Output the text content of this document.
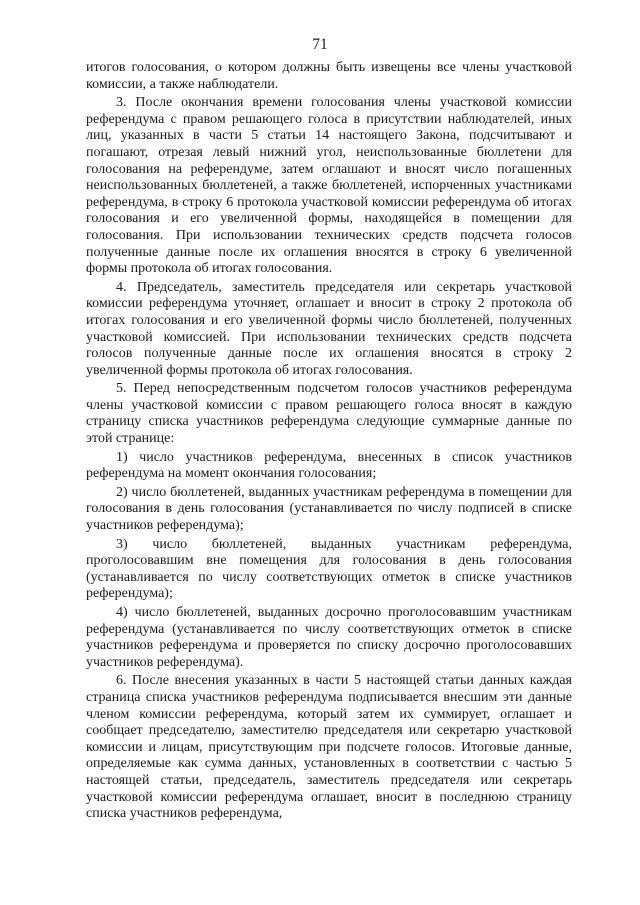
71

итогов голосования, о котором должны быть извещены все члены участковой комиссии, а также наблюдатели.

3. После окончания времени голосования члены участковой комиссии референдума с правом решающего голоса в присутствии наблюдателей, иных лиц, указанных в части 5 статьи 14 настоящего Закона, подсчитывают и погашают, отрезая левый нижний угол, неиспользованные бюллетени для голосования на референдуме, затем оглашают и вносят число погашенных неиспользованных бюллетеней, а также бюллетеней, испорченных участниками референдума, в строку 6 протокола участковой комиссии референдума об итогах голосования и его увеличенной формы, находящейся в помещении для голосования. При использовании технических средств подсчета голосов полученные данные после их оглашения вносятся в строку 6 увеличенной формы протокола об итогах голосования.

4. Председатель, заместитель председателя или секретарь участковой комиссии референдума уточняет, оглашает и вносит в строку 2 протокола об итогах голосования и его увеличенной формы число бюллетеней, полученных участковой комиссией. При использовании технических средств подсчета голосов полученные данные после их оглашения вносятся в строку 2 увеличенной формы протокола об итогах голосования.

5. Перед непосредственным подсчетом голосов участников референдума члены участковой комиссии с правом решающего голоса вносят в каждую страницу списка участников референдума следующие суммарные данные по этой странице:

1) число участников референдума, внесенных в список участников референдума на момент окончания голосования;

2) число бюллетеней, выданных участникам референдума в помещении для голосования в день голосования (устанавливается по числу подписей в списке участников референдума);

3) число бюллетеней, выданных участникам референдума, проголосовавшим вне помещения для голосования в день голосования (устанавливается по числу соответствующих отметок в списке участников референдума);

4) число бюллетеней, выданных досрочно проголосовавшим участникам референдума (устанавливается по числу соответствующих отметок в списке участников референдума и проверяется по списку досрочно проголосовавших участников референдума).

6. После внесения указанных в части 5 настоящей статьи данных каждая страница списка участников референдума подписывается внесшим эти данные членом комиссии референдума, который затем их суммирует, оглашает и сообщает председателю, заместителю председателя или секретарю участковой комиссии и лицам, присутствующим при подсчете голосов. Итоговые данные, определяемые как сумма данных, установленных в соответствии с частью 5 настоящей статьи, председатель, заместитель председателя или секретарь участковой комиссии референдума оглашает, вносит в последнюю страницу списка участников референдума,
